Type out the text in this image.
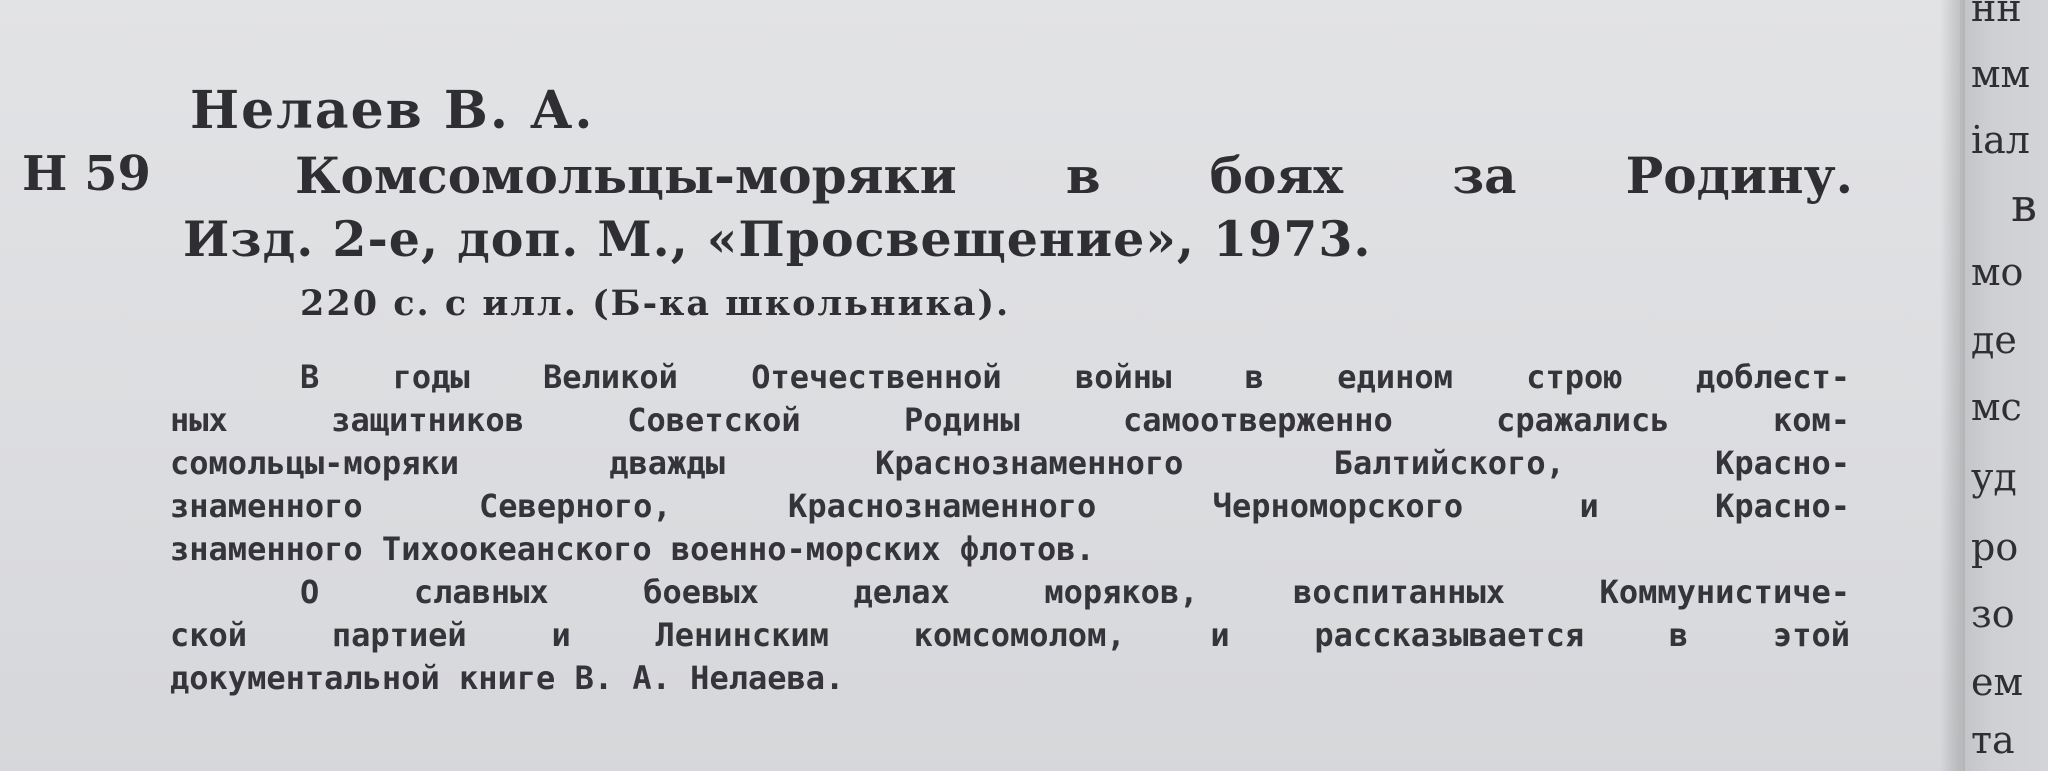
Нелаев В. А.
Н 59	Комсомольцы-моряки в боях за Родину.
Изд. 2-е, доп. М., «Просвещение», 1973.
220 с. с илл. (Б-ка школьника).
В годы Великой Отечественной войны в едином строю доблест-
ных защитников Советской Родины самоотверженно сражались ком-
сомольцы-моряки дважды Краснознаменного Балтийского, Красно-
знаменного Северного, Краснознаменного Черноморского и Красно-
знаменного Тихоокеанского военно-морских флотов.
О славных боевых делах моряков, воспитанных Коммунистиче-
ской партией и Ленинским комсомолом, и рассказывается в этой
документальной книге В. А. Нелаева.
нн
мм
іал
в
мо
де
мс
уд
ро
зо
ем
та
